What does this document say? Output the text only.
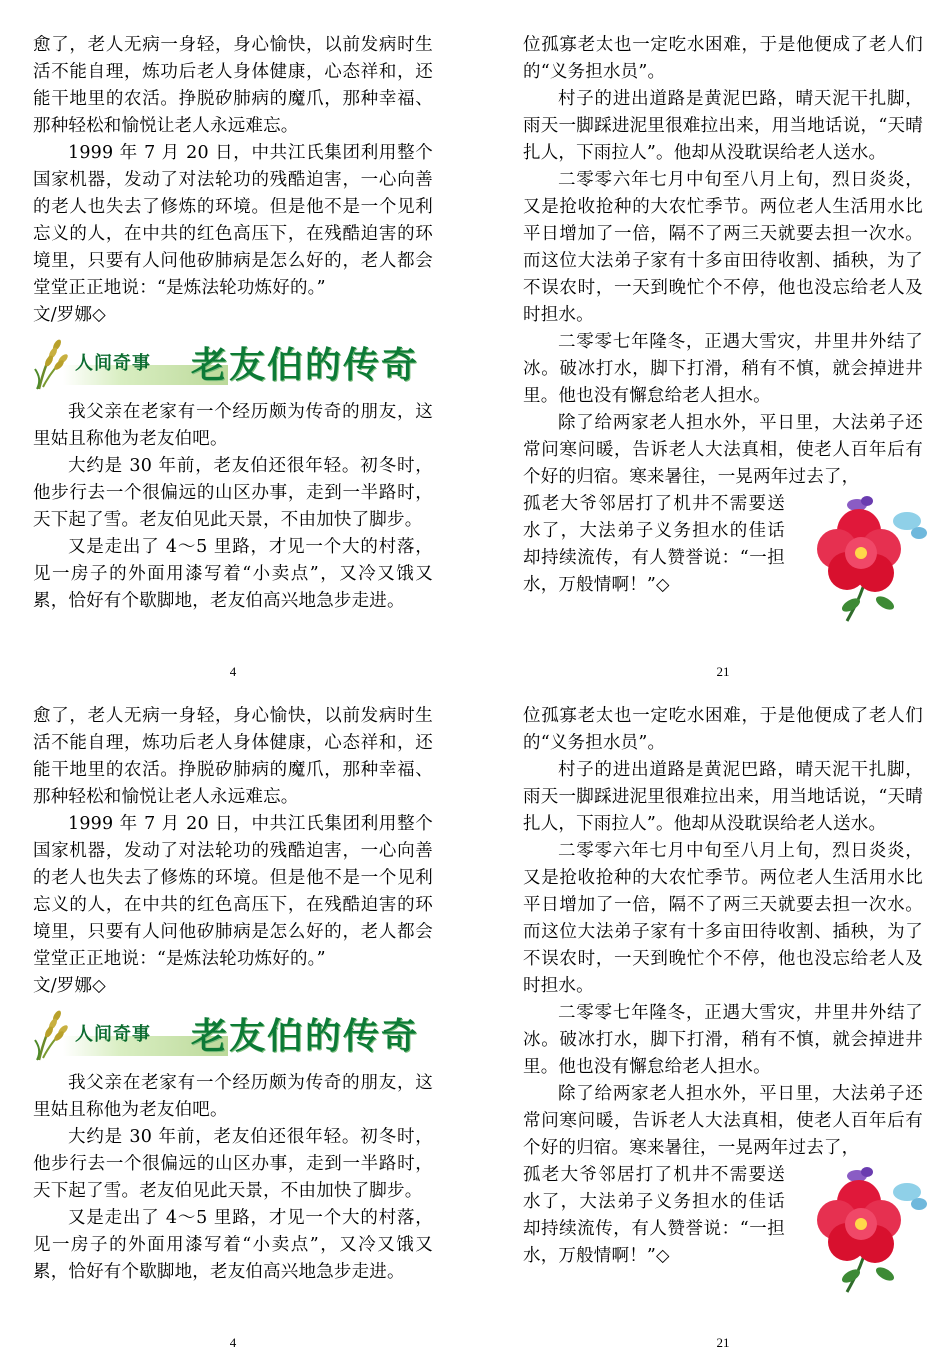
愈了，老人无病一身轻，身心愉快，以前发病时生活不能自理，炼功后老人身体健康，心态祥和，还能干地里的农活。挣脱矽肺病的魔爪，那种幸福、那种轻松和愉悦让老人永远难忘。

1999 年 7 月 20 日，中共江氏集团利用整个国家机器，发动了对法轮功的残酷迫害，一心向善的老人也失去了修炼的环境。但是他不是一个见利忘义的人，在中共的红色高压下，在残酷迫害的环境里，只要有人问他矽肺病是怎么好的，老人都会堂堂正正地说：“是炼法轮功炼好的。”

文/罗娜◇

人间奇事 老友伯的传奇

我父亲在老家有一个经历颇为传奇的朋友，这里姑且称他为老友伯吧。

大约是 30 年前，老友伯还很年轻。初冬时，他步行去一个很偏远的山区办事，走到一半路时，天下起了雪。老友伯见此天景，不由加快了脚步。

又是走出了 4～5 里路，才见一个大的村落，见一房子的外面用漆写着“小卖点”，又冷又饿又累，恰好有个歇脚地，老友伯高兴地急步走进。

4

位孤寡老太也一定吃水困难，于是他便成了老人们的“义务担水员”。

村子的进出道路是黄泥巴路，晴天泥干扎脚，雨天一脚踩进泥里很难拉出来，用当地话说，“天晴扎人，下雨拉人”。他却从没耽误给老人送水。

二零零六年七月中旬至八月上旬，烈日炎炎，又是抢收抢种的大农忙季节。两位老人生活用水比平日增加了一倍，隔不了两三天就要去担一次水。而这位大法弟子家有十多亩田待收割、插秧，为了不误农时，一天到晚忙个不停，他也没忘给老人及时担水。

二零零七年隆冬，正遇大雪灾，井里井外结了冰。破冰打水，脚下打滑，稍有不慎，就会掉进井里。他也没有懈怠给老人担水。

除了给两家老人担水外，平日里，大法弟子还常问寒问暖，告诉老人大法真相，使老人百年后有个好的归宿。寒来暑往，一晃两年过去了，

孤老大爷邻居打了机井不需要送水了，大法弟子义务担水的佳话却持续流传，有人赞誉说：“一担水，万般情啊！”◇

21

愈了，老人无病一身轻，身心愉快，以前发病时生活不能自理，炼功后老人身体健康，心态祥和，还能干地里的农活。挣脱矽肺病的魔爪，那种幸福、那种轻松和愉悦让老人永远难忘。

1999 年 7 月 20 日，中共江氏集团利用整个国家机器，发动了对法轮功的残酷迫害，一心向善的老人也失去了修炼的环境。但是他不是一个见利忘义的人，在中共的红色高压下，在残酷迫害的环境里，只要有人问他矽肺病是怎么好的，老人都会堂堂正正地说：“是炼法轮功炼好的。”

文/罗娜◇

人间奇事 老友伯的传奇

我父亲在老家有一个经历颇为传奇的朋友，这里姑且称他为老友伯吧。

大约是 30 年前，老友伯还很年轻。初冬时，他步行去一个很偏远的山区办事，走到一半路时，天下起了雪。老友伯见此天景，不由加快了脚步。

又是走出了 4～5 里路，才见一个大的村落，见一房子的外面用漆写着“小卖点”，又冷又饿又累，恰好有个歇脚地，老友伯高兴地急步走进。

4

位孤寡老太也一定吃水困难，于是他便成了老人们的“义务担水员”。

村子的进出道路是黄泥巴路，晴天泥干扎脚，雨天一脚踩进泥里很难拉出来，用当地话说，“天晴扎人，下雨拉人”。他却从没耽误给老人送水。

二零零六年七月中旬至八月上旬，烈日炎炎，又是抢收抢种的大农忙季节。两位老人生活用水比平日增加了一倍，隔不了两三天就要去担一次水。而这位大法弟子家有十多亩田待收割、插秧，为了不误农时，一天到晚忙个不停，他也没忘给老人及时担水。

二零零七年隆冬，正遇大雪灾，井里井外结了冰。破冰打水，脚下打滑，稍有不慎，就会掉进井里。他也没有懈怠给老人担水。

除了给两家老人担水外，平日里，大法弟子还常问寒问暖，告诉老人大法真相，使老人百年后有个好的归宿。寒来暑往，一晃两年过去了，

孤老大爷邻居打了机井不需要送水了，大法弟子义务担水的佳话却持续流传，有人赞誉说：“一担水，万般情啊！”◇

21
